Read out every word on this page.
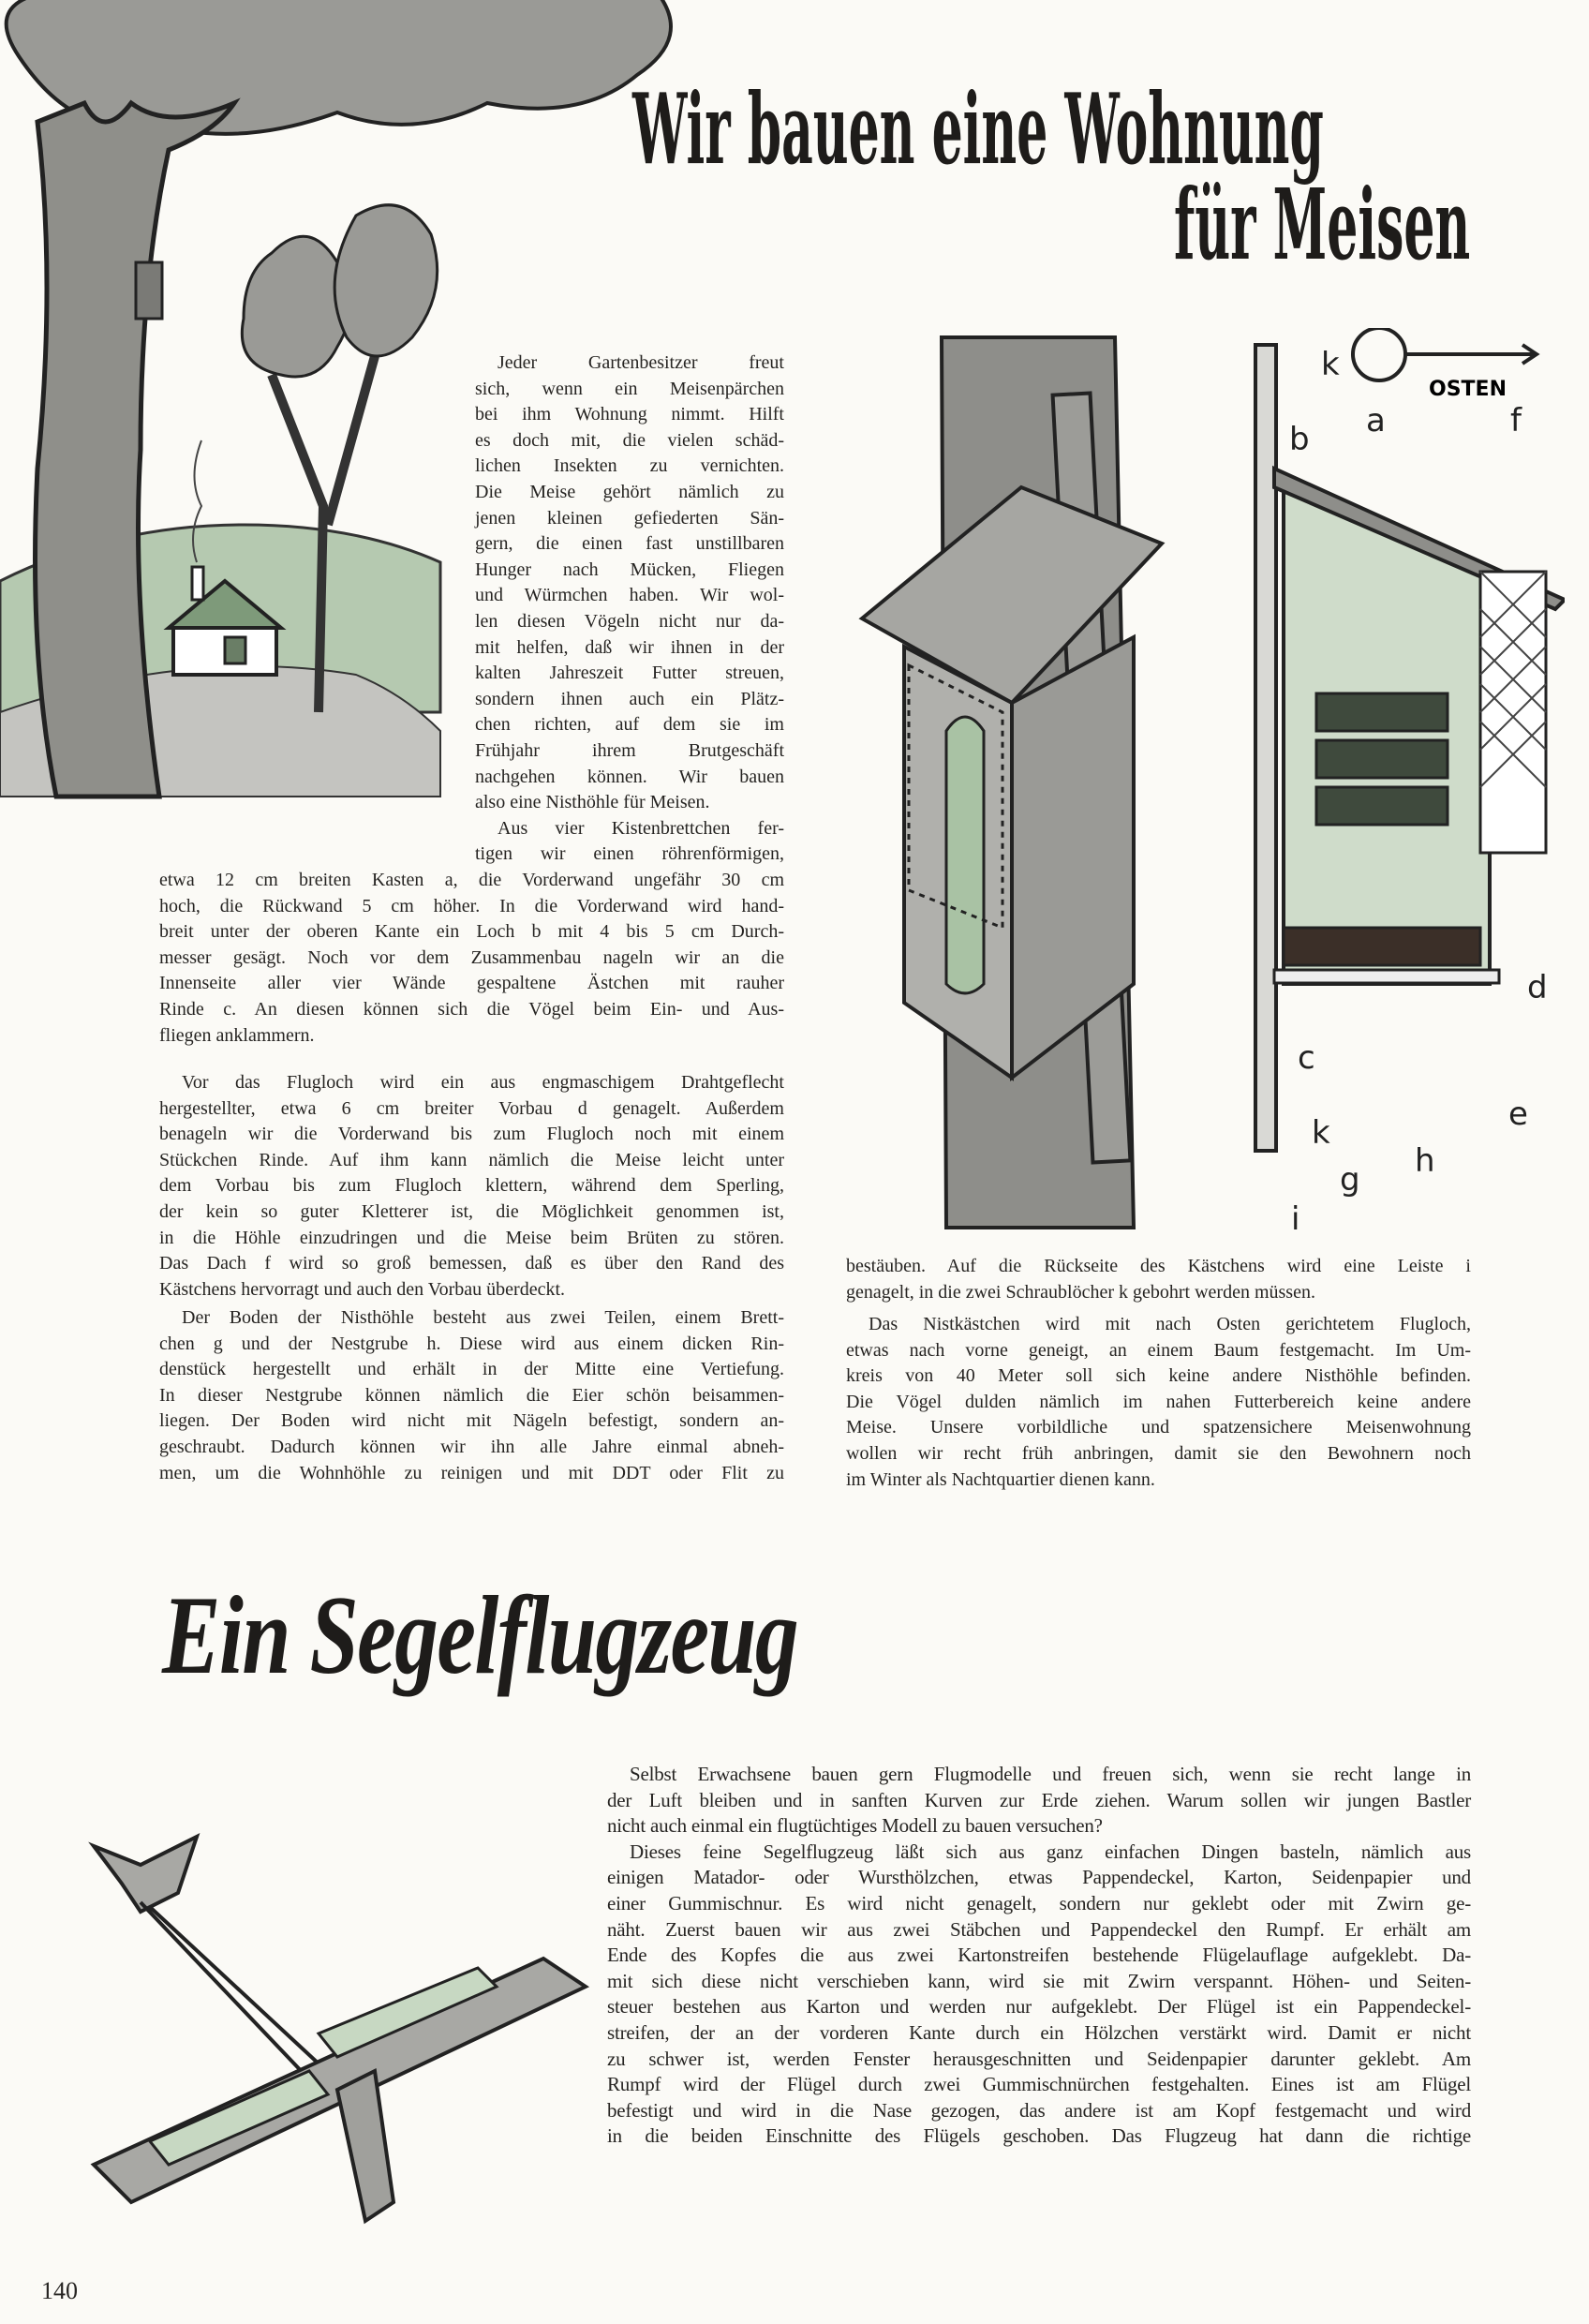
Wir bauen eine Wohnung
für Meisen
Jeder Gartenbesitzer freut
sich, wenn ein Meisenpärchen
bei ihm Wohnung nimmt. Hilft
es doch mit, die vielen schäd-
lichen Insekten zu vernichten.
Die Meise gehört nämlich zu
jenen kleinen gefiederten Sän-
gern, die einen fast unstillbaren
Hunger nach Mücken, Fliegen
und Würmchen haben. Wir wol-
len diesen Vögeln nicht nur da-
mit helfen, daß wir ihnen in der
kalten Jahreszeit Futter streuen,
sondern ihnen auch ein Plätz-
chen richten, auf dem sie im
Frühjahr ihrem Brutgeschäft
nachgehen können. Wir bauen
also eine Nisthöhle für Meisen.
Aus vier Kistenbrettchen fer-
tigen wir einen röhrenförmigen,
etwa 12 cm breiten Kasten a, die Vorderwand ungefähr 30 cm
hoch, die Rückwand 5 cm höher. In die Vorderwand wird hand-
breit unter der oberen Kante ein Loch b mit 4 bis 5 cm Durch-
messer gesägt. Noch vor dem Zusammenbau nageln wir an die
Innenseite aller vier Wände gespaltene Ästchen mit rauher
Rinde c. An diesen können sich die Vögel beim Ein- und Aus-
fliegen anklammern.
Vor das Flugloch wird ein aus engmaschigem Drahtgeflecht
hergestellter, etwa 6 cm breiter Vorbau d genagelt. Außerdem
benageln wir die Vorderwand bis zum Flugloch noch mit einem
Stückchen Rinde. Auf ihm kann nämlich die Meise leicht unter
dem Vorbau bis zum Flugloch klettern, während dem Sperling,
der kein so guter Kletterer ist, die Möglichkeit genommen ist,
in die Höhle einzudringen und die Meise beim Brüten zu stören.
Das Dach f wird so groß bemessen, daß es über den Rand des
Kästchens hervorragt und auch den Vorbau überdeckt.
Der Boden der Nisthöhle besteht aus zwei Teilen, einem Brett-
chen g und der Nestgrube h. Diese wird aus einem dicken Rin-
denstück hergestellt und erhält in der Mitte eine Vertiefung.
In dieser Nestgrube können nämlich die Eier schön beisammen-
liegen. Der Boden wird nicht mit Nägeln befestigt, sondern an-
geschraubt. Dadurch können wir ihn alle Jahre einmal abneh-
men, um die Wohnhöhle zu reinigen und mit DDT oder Flit zu
bestäuben. Auf die Rückseite des Kästchens wird eine Leiste i
genagelt, in die zwei Schraublöcher k gebohrt werden müssen.
Das Nistkästchen wird mit nach Osten gerichtetem Flugloch,
etwas nach vorne geneigt, an einem Baum festgemacht. Im Um-
kreis von 40 Meter soll sich keine andere Nisthöhle befinden.
Die Vögel dulden nämlich im nahen Futterbereich keine andere
Meise. Unsere vorbildliche und spatzensichere Meisenwohnung
wollen wir recht früh anbringen, damit sie den Bewohnern noch
im Winter als Nachtquartier dienen kann.
k
a
b	f
OSTEN
c
d
e
g h
i
k
Ein Segelflugzeug
Selbst Erwachsene bauen gern Flugmodelle und freuen sich, wenn sie recht lange in
der Luft bleiben und in sanften Kurven zur Erde ziehen. Warum sollen wir jungen Bastler
nicht auch einmal ein flugtüchtiges Modell zu bauen versuchen?
Dieses feine Segelflugzeug läßt sich aus ganz einfachen Dingen basteln, nämlich aus
einigen Matador- oder Wursthölzchen, etwas Pappendeckel, Karton, Seidenpapier und
einer Gummischnur. Es wird nicht genagelt, sondern nur geklebt oder mit Zwirn ge-
näht. Zuerst bauen wir aus zwei Stäbchen und Pappendeckel den Rumpf. Er erhält am
Ende des Kopfes die aus zwei Kartonstreifen bestehende Flügelauflage aufgeklebt. Da-
mit sich diese nicht verschieben kann, wird sie mit Zwirn verspannt. Höhen- und Seiten-
steuer bestehen aus Karton und werden nur aufgeklebt. Der Flügel ist ein Pappendeckel-
streifen, der an der vorderen Kante durch ein Hölzchen verstärkt wird. Damit er nicht
zu schwer ist, werden Fenster herausgeschnitten und Seidenpapier darunter geklebt. Am
Rumpf wird der Flügel durch zwei Gummischnürchen festgehalten. Eines ist am Flügel
befestigt und wird in die Nase gezogen, das andere ist am Kopf festgemacht und wird
in die beiden Einschnitte des Flügels geschoben. Das Flugzeug hat dann die richtige
140
